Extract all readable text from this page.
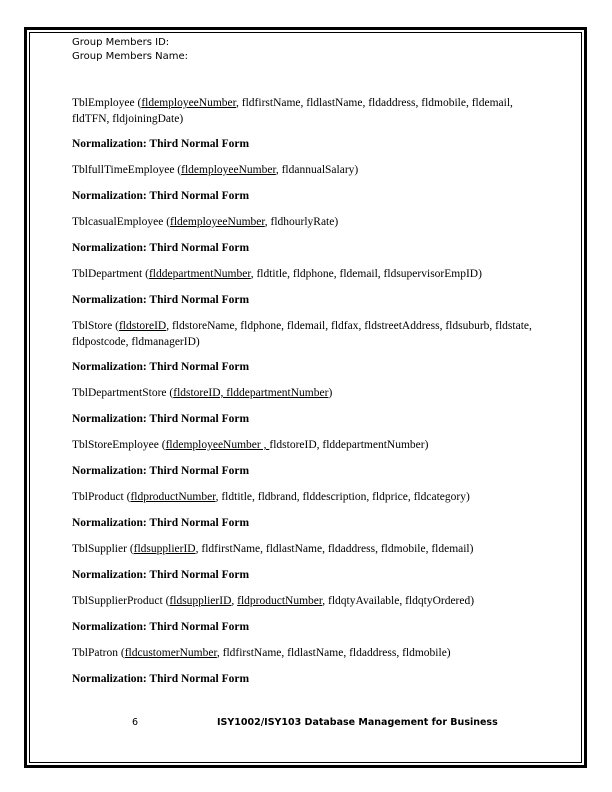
Group Members ID:
Group Members Name:

TblEmployee (fldemployeeNumber, fldfirstName, fldlastName, fldaddress, fldmobile, fldemail, fldTFN, fldjoiningDate)

Normalization: Third Normal Form

TblfullTimeEmployee (fldemployeeNumber, fldannualSalary)

Normalization: Third Normal Form

TblcasualEmployee (fldemployeeNumber, fldhourlyRate)

Normalization: Third Normal Form

TblDepartment (flddepartmentNumber, fldtitle, fldphone, fldemail, fldsupervisorEmpID)

Normalization: Third Normal Form

TblStore (fldstoreID, fldstoreName, fldphone, fldemail, fldfax, fldstreetAddress, fldsuburb, fldstate, fldpostcode, fldmanagerID)

Normalization: Third Normal Form

TblDepartmentStore (fldstoreID, flddepartmentNumber)

Normalization: Third Normal Form

TblStoreEmployee (fldemployeeNumber , fldstoreID, flddepartmentNumber)

Normalization: Third Normal Form

TblProduct (fldproductNumber, fldtitle, fldbrand, flddescription, fldprice, fldcategory)

Normalization: Third Normal Form

TblSupplier (fldsupplierID, fldfirstName, fldlastName, fldaddress, fldmobile, fldemail)

Normalization: Third Normal Form

TblSupplierProduct (fldsupplierID, fldproductNumber, fldqtyAvailable, fldqtyOrdered)

Normalization: Third Normal Form

TblPatron (fldcustomerNumber, fldfirstName, fldlastName, fldaddress, fldmobile)

Normalization: Third Normal Form

6	ISY1002/ISY103 Database Management for Business
